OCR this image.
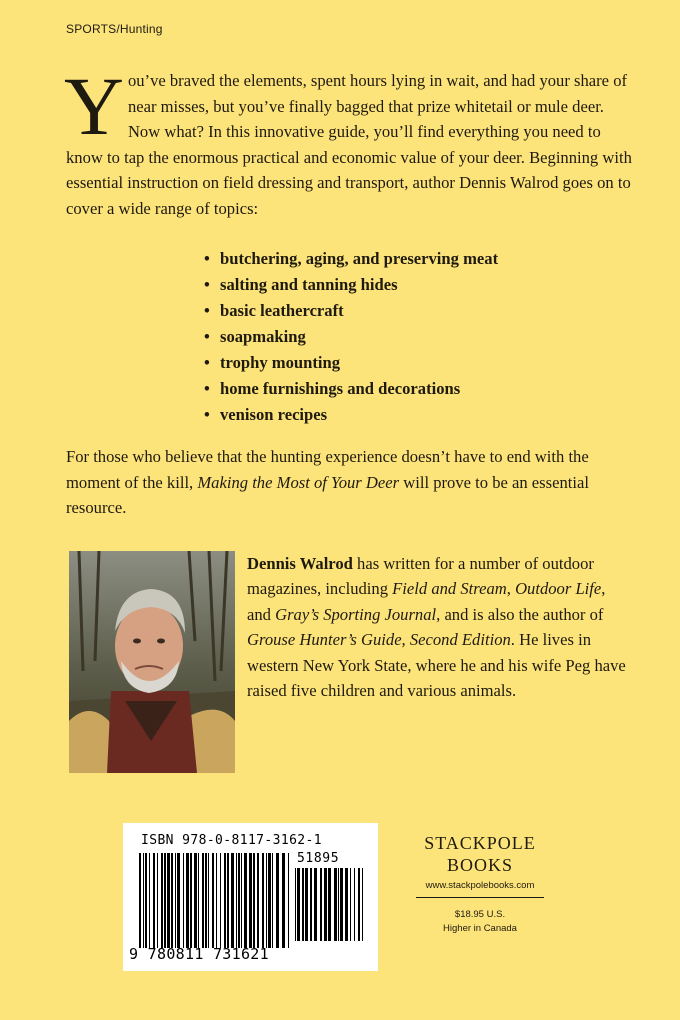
SPORTS/Hunting

You’ve braved the elements, spent hours lying in wait, and had your share of near misses, but you’ve finally bagged that prize whitetail or mule deer. Now what? In this innovative guide, you’ll find everything you need to know to tap the enormous practical and economic value of your deer. Beginning with essential instruction on field dressing and transport, author Dennis Walrod goes on to cover a wide range of topics:

• butchering, aging, and preserving meat
• salting and tanning hides
• basic leathercraft
• soapmaking
• trophy mounting
• home furnishings and decorations
• venison recipes

For those who believe that the hunting experience doesn’t have to end with the moment of the kill, Making the Most of Your Deer will prove to be an essential resource.

Dennis Walrod has written for a number of outdoor magazines, including Field and Stream, Outdoor Life, and Gray’s Sporting Journal, and is also the author of Grouse Hunter’s Guide, Second Edition. He lives in western New York State, where he and his wife Peg have raised five children and various animals.

ISBN 978-0-8117-3162-1
51895
9 780811 731621
STACKPOLE
BOOKS
www.stackpolebooks.com
$18.95 U.S.
Higher in Canada
